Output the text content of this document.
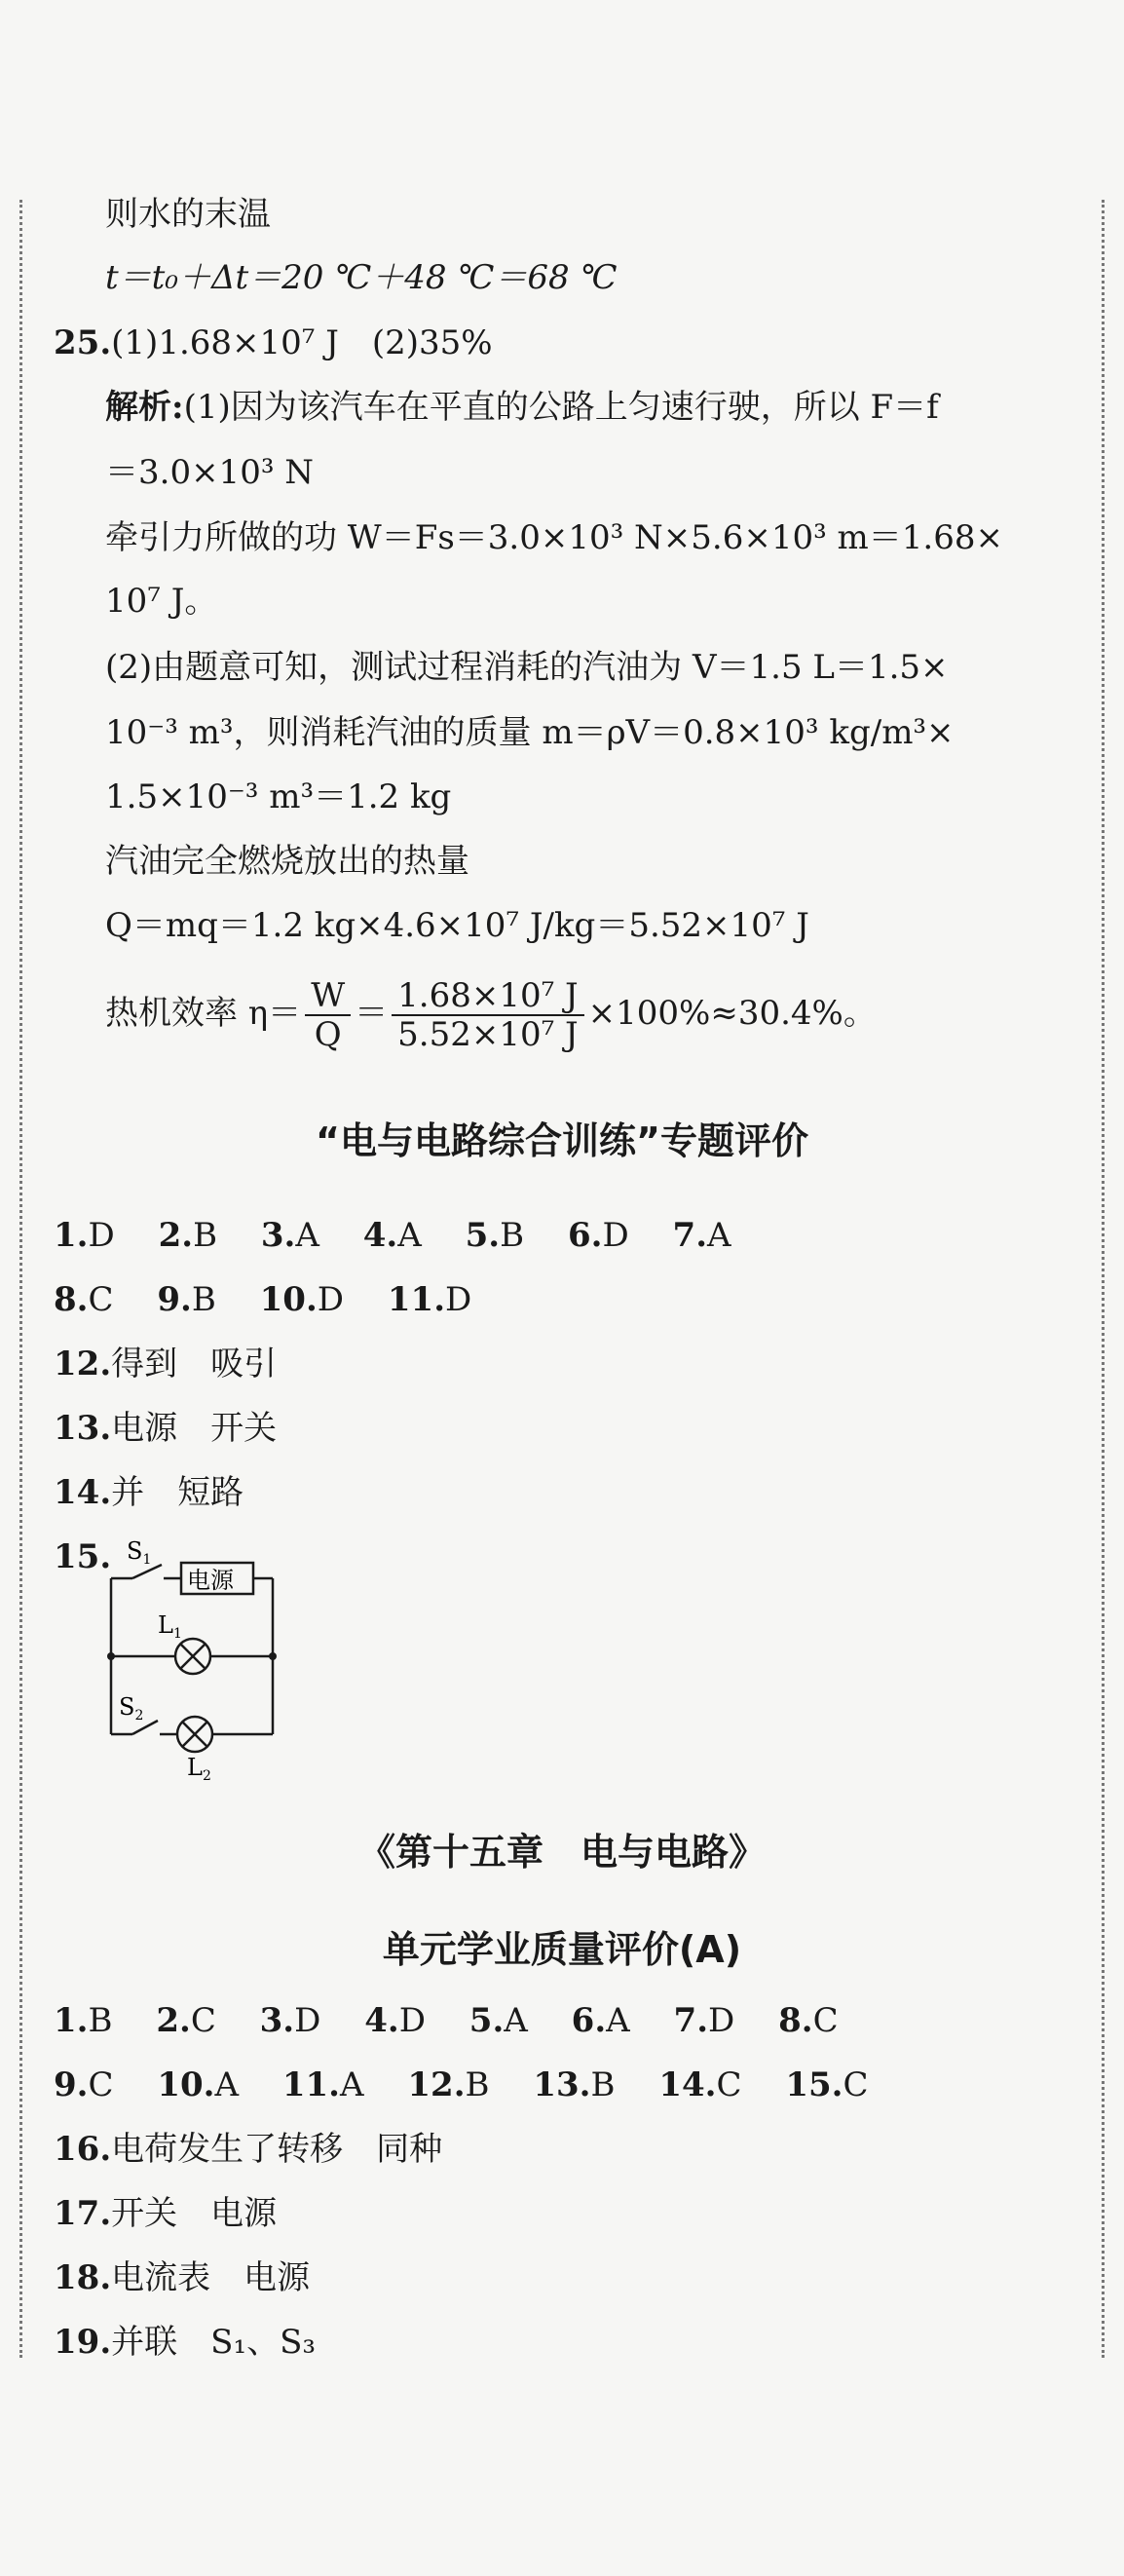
则水的末温
t＝t₀＋Δt＝20 ℃＋48 ℃＝68 ℃
25.(1)1.68×10⁷ J　(2)35%
解析:(1)因为该汽车在平直的公路上匀速行驶，所以 F＝f
＝3.0×10³ N
牵引力所做的功 W＝Fs＝3.0×10³ N×5.6×10³ m＝1.68×
10⁷ J。
(2)由题意可知，测试过程消耗的汽油为 V＝1.5 L＝1.5×
10⁻³ m³，则消耗汽油的质量 m＝ρV＝0.8×10³ kg/m³×
1.5×10⁻³ m³＝1.2 kg
汽油完全燃烧放出的热量
Q＝mq＝1.2 kg×4.6×10⁷ J/kg＝5.52×10⁷ J
热机效率 $\eta= \frac{W}{Q} = \frac{\text{1.68×10⁷ J}}{\text{5.52×10⁷ J}} \times 100\%\approx 30.4\%$。
“电与电路综合训练”专题评价
1.D 2.B 3.A 4.A 5.B 6.D 7.A
8.C 9.B 10.D 11.D
12.得到　吸引
13.电源　开关
14.并　短路
15. $S_1$
电源
$L_1$
$S_2$
$L_2$
《第十五章　电与电路》
单元学业质量评价(A)
1.B 2.C 3.D 4.D 5.A 6.A 7.D 8.C
9.C 10.A 11.A 12.B 13.B 14.C 15.C
16.电荷发生了转移　同种
17.开关　电源
18.电流表　电源
19.并联　S₁、S₃
